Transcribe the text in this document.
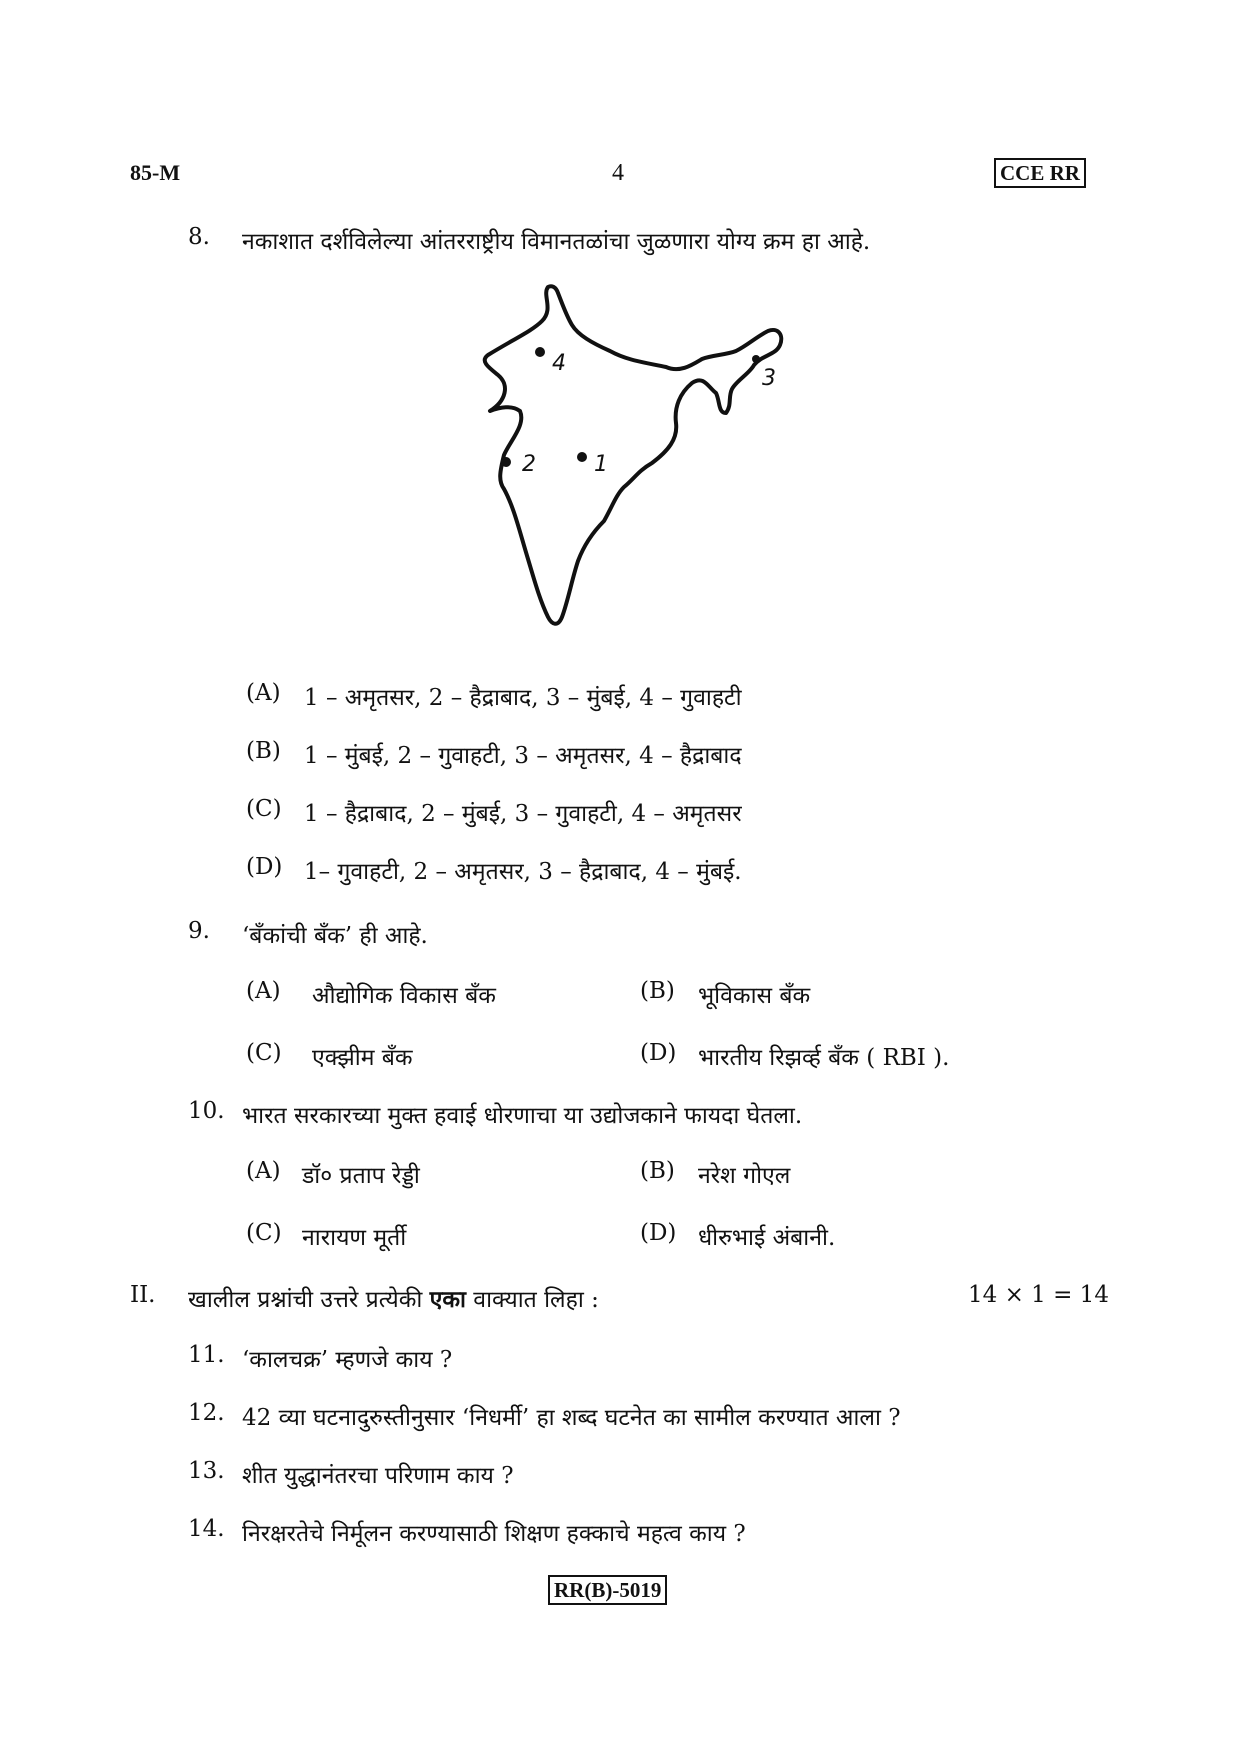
85-M	4	CCE RR
8. नकाशात दर्शविलेल्या आंतरराष्ट्रीय विमानतळांचा जुळणारा योग्य क्रम हा आहे.
4
3
2	1
(A) 1 – अमृतसर, 2 – हैद्राबाद, 3 – मुंबई, 4 – गुवाहटी
(B) 1 – मुंबई, 2 – गुवाहटी, 3 – अमृतसर, 4 – हैद्राबाद
(C) 1 – हैद्राबाद, 2 – मुंबई, 3 – गुवाहटी, 4 – अमृतसर
(D) 1– गुवाहटी, 2 – अमृतसर, 3 – हैद्राबाद, 4 – मुंबई.
9. ‘बँकांची बँक’ ही आहे.
(A) औद्योगिक विकास बँक	(B) भूविकास बँक
(C) एक्झीम बँक	(D) भारतीय रिझर्व्ह बँक ( RBI ).
10. भारत सरकारच्या मुक्त हवाई धोरणाचा या उद्योजकाने फायदा घेतला.
(A) डॉ० प्रताप रेड्डी	(B) नरेश गोएल
(C) नारायण मूर्ती	(D) धीरुभाई अंबानी.
II. खालील प्रश्नांची उत्तरे प्रत्येकी एका वाक्यात लिहा :	14 × 1 = 14
11. ‘कालचक्र’ म्हणजे काय ?
12. 42 व्या घटनादुरुस्तीनुसार ‘निधर्मी’ हा शब्द घटनेत का सामील करण्यात आला ?
13. शीत युद्धानंतरचा परिणाम काय ?
14. निरक्षरतेचे निर्मूलन करण्यासाठी शिक्षण हक्काचे महत्व काय ?
RR(B)-5019
